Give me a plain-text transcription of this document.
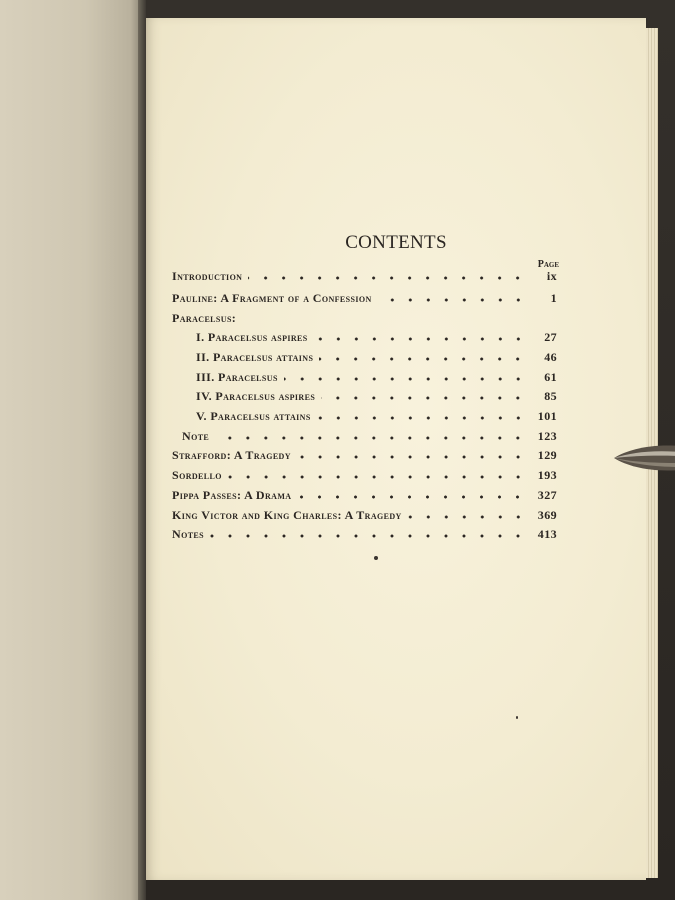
CONTENTS
Page
Introduction	ix
Pauline: A Fragment of a Confession	1
Paracelsus:
I. Paracelsus aspires	27
II. Paracelsus attains	46
III. Paracelsus	61
IV. Paracelsus aspires	85
V. Paracelsus attains	101
Note	123
Strafford: A Tragedy	129
Sordello	193
Pippa Passes: A Drama	327
King Victor and King Charles: A Tragedy	369
Notes	413
